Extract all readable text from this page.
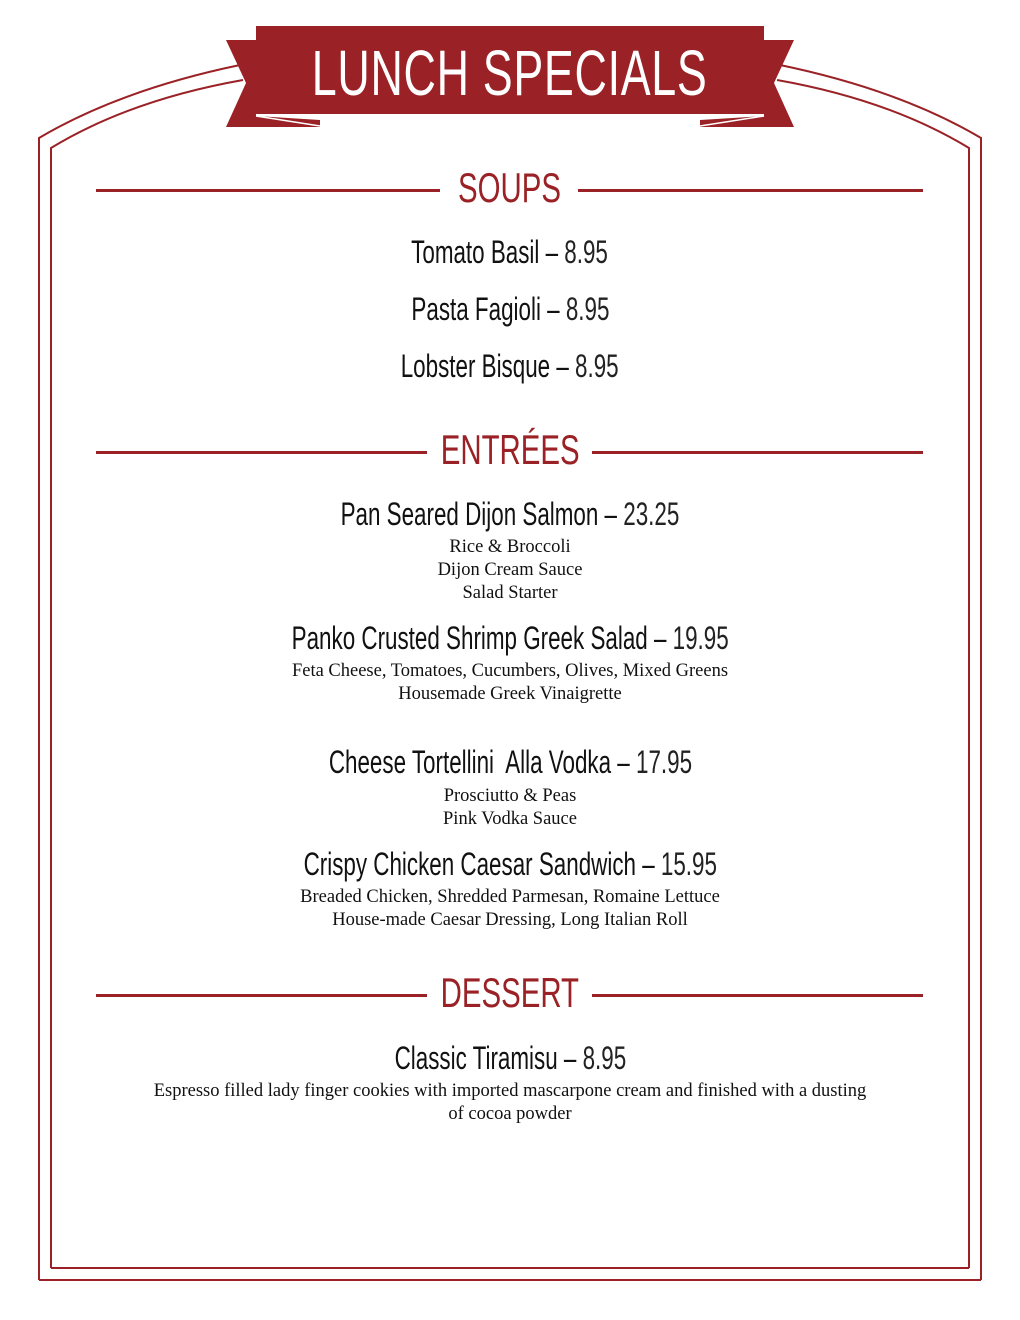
LUNCH SPECIALS
SOUPS
Tomato Basil – 8.95
Pasta Fagioli – 8.95
Lobster Bisque – 8.95
ENTRÉES
Pan Seared Dijon Salmon – 23.25
Rice & Broccoli
Dijon Cream Sauce
Salad Starter
Panko Crusted Shrimp Greek Salad – 19.95
Feta Cheese, Tomatoes, Cucumbers, Olives, Mixed Greens
Housemade Greek Vinaigrette
Cheese Tortellini  Alla Vodka – 17.95
Prosciutto & Peas
Pink Vodka Sauce
Crispy Chicken Caesar Sandwich – 15.95
Breaded Chicken, Shredded Parmesan, Romaine Lettuce
House-made Caesar Dressing, Long Italian Roll
DESSERT
Classic Tiramisu – 8.95
Espresso filled lady finger cookies with imported mascarpone cream and finished with a dusting
of cocoa powder
